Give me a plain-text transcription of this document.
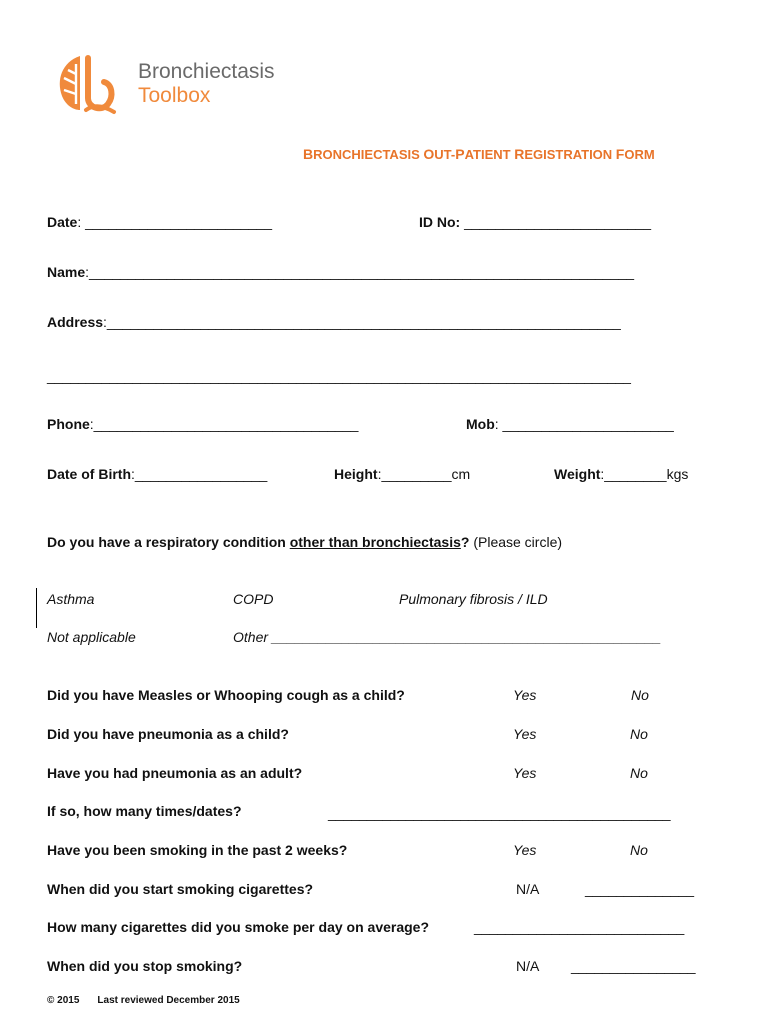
Bronchiectasis
Toolbox
BRONCHIECTASIS OUT-PATIENT REGISTRATION FORM
Date: ________________________	ID No: ________________________
Name:______________________________________________________________________
Address:__________________________________________________________________
___________________________________________________________________________
Phone:__________________________________	Mob: ______________________
Date of Birth:_________________	Height:_________cm	Weight:________kgs
Do you have a respiratory condition other than bronchiectasis? (Please circle)
Asthma	COPD	Pulmonary fibrosis / ILD
Not applicable	Other __________________________________________________
Did you have Measles or Whooping cough as a child?	Yes	No
Did you have pneumonia as a child?	Yes	No
Have you had pneumonia as an adult?	Yes	No
If so, how many times/dates?	____________________________________________
Have you been smoking in the past 2 weeks?	Yes	No
When did you start smoking cigarettes?	N/A	______________
How many cigarettes did you smoke per day on average?	___________________________
When did you stop smoking?	N/A ________________
© 2015 Last reviewed December 2015
